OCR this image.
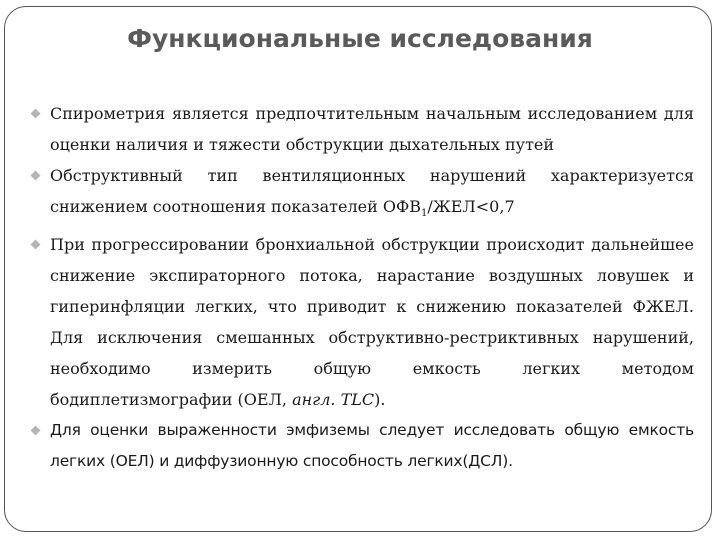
Функциональные исследования
Спирометрия является предпочтительным начальным исследованием для оценки наличия и тяжести обструкции дыхательных путей
Обструктивный тип вентиляционных нарушений характеризуется снижением соотношения показателей $ОФВ_1/ЖЕЛ<0,7$
При прогрессировании бронхиальной обструкции происходит дальнейшее снижение экспираторного потока, нарастание воздушных ловушек и гиперинфляции легких, что приводит к снижению показателей ФЖЕЛ. Для исключения смешанных обструктивно-рестриктивных нарушений, необходимо измерить общую емкость легких методом бодиплетизмографии (ОЕЛ, англ. TLC).
Для оценки выраженности эмфиземы следует исследовать общую емкость легких (ОЕЛ) и диффузионную способность легких(ДСЛ).
